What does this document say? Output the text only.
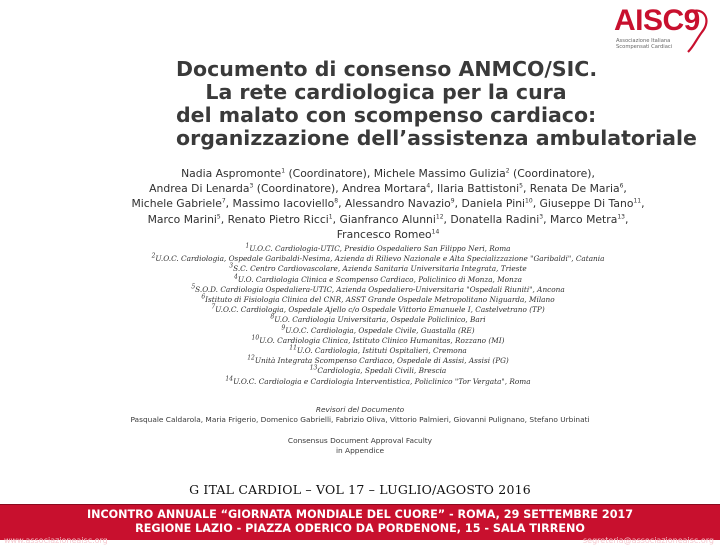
Documento di consenso ANMCO/SIC.
La rete cardiologica per la cura
del malato con scompenso cardiaco:
organizzazione dell’assistenza ambulatoriale
Nadia Aspromonte$^1$ (Coordinatore), Michele Massimo Gulizia$^2$ (Coordinatore),
Andrea Di Lenarda$^3$ (Coordinatore), Andrea Mortara$^4$, Ilaria Battistoni$^5$, Renata De Maria$^6$,
Michele Gabriele$^7$, Massimo Iacoviello$^8$, Alessandro Navazio$^9$, Daniela Pini$^{10}$, Giuseppe Di Tano$^{11}$,
Marco Marini$^5$, Renato Pietro Ricci$^1$, Gianfranco Alunni$^{12}$, Donatella Radini$^3$, Marco Metra$^{13}$,
Francesco Romeo$^{14}$
$^1$U.O.C. Cardiologia-UTIC, Presidio Ospedaliero San Filippo Neri, Roma
$^2$U.O.C. Cardiologia, Ospedale Garibaldi-Nesima, Azienda di Rilievo Nazionale e Alta Specializzazione "Garibaldi", Catania
$^3$S.C. Centro Cardiovascolare, Azienda Sanitaria Universitaria Integrata, Trieste
$^4$U.O. Cardiologia Clinica e Scompenso Cardiaco, Policlinico di Monza, Monza
$^5$S.O.D. Cardiologia Ospedaliera-UTIC, Azienda Ospedaliero-Universitaria "Ospedali Riuniti", Ancona
$^6$Istituto di Fisiologia Clinica del CNR, ASST Grande Ospedale Metropolitano Niguarda, Milano
$^7$U.O.C. Cardiologia, Ospedale Ajello c/o Ospedale Vittorio Emanuele I, Castelvetrano (TP)
$^8$U.O. Cardiologia Universitaria, Ospedale Policlinico, Bari
$^9$U.O.C. Cardiologia, Ospedale Civile, Guastalla (RE)
$^{10}$U.O. Cardiologia Clinica, Istituto Clinico Humanitas, Rozzano (MI)
$^{11}$U.O. Cardiologia, Istituti Ospitalieri, Cremona
$^{12}$Unità Integrata Scompenso Cardiaco, Ospedale di Assisi, Assisi (PG)
$^{13}$Cardiologia, Spedali Civili, Brescia
$^{14}$U.O.C. Cardiologia e Cardiologia Interventistica, Policlinico "Tor Vergata", Roma
Revisori del Documento
Pasquale Caldarola, Maria Frigerio, Domenico Gabrielli, Fabrizio Oliva, Vittorio Palmieri, Giovanni Pulignano, Stefano Urbinati
Consensus Document Approval Faculty
in Appendice
G ITAL CARDIOL – VOL 17 – LUGLIO/AGOSTO 2016
AISC9
Associazione Italiana Scompensati Cardiaci
INCONTRO ANNUALE “GIORNATA MONDIALE DEL CUORE” - ROMA, 29 SETTEMBRE 2017
REGIONE LAZIO - PIAZZA ODERICO DA PORDENONE, 15 - SALA TIRRENO
www.associazioneaisc.org	segreteria@associazioneaisc.org
